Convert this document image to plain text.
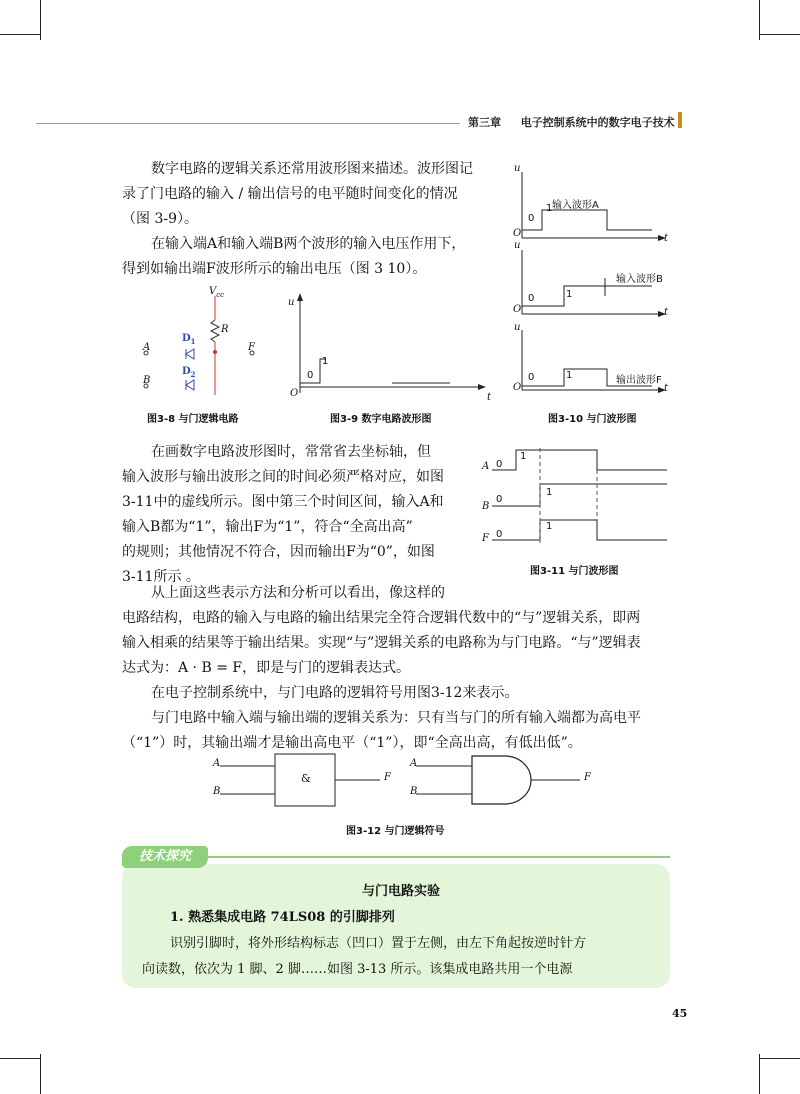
第三章 电子控制系统中的数字电子技术
数字电路的逻辑关系还常用波形图来描述。波形图记
录了门电路的输入 / 输出信号的电平随时间变化的情况
（图 3-9）。
在输入端A和输入端B两个波形的输入电压作用下，
得到如输出端F波形所示的输出电压（图 3 10）。
$V_{cc}$
R
$D_1$
$D_2$
A
B
F
图3-8 与门逻辑电路
u
O	t
0
1
图3-9 数字电路波形图
u
O	t
0
1 输入波形A
u
O	t
0	1
输入波形B
u
O	t
0	1	输出波形F
图3-10 与门波形图
在画数字电路波形图时，常常省去坐标轴，但
输入波形与输出波形之间的时间必须严格对应，如图
3-11中的虚线所示。图中第三个时间区间，输入A和
输入B都为“1”，输出F为“1”，符合“全高出高”
的规则；其他情况不符合，因而输出F为“0”，如图
3-11所示 。
A
B
F
0
1
0
1
0
1
图3-11 与门波形图
从上面这些表示方法和分析可以看出，像这样的
电路结构，电路的输入与电路的输出结果完全符合逻辑代数中的“与”逻辑关系，即两
输入相乘的结果等于输出结果。实现“与”逻辑关系的电路称为与门电路。“与”逻辑表
达式为：A · B = F，即是与门的逻辑表达式。
在电子控制系统中，与门电路的逻辑符号用图3-12来表示。
与门电路中输入端与输出端的逻辑关系为：只有当与门的所有输入端都为高电平
（“1”）时，其输出端才是输出高电平（“1”），即“全高出高，有低出低”。
A
B
&	F
A
B
F
图3-12 与门逻辑符号
技术探究
与门电路实验
1. 熟悉集成电路 74LS08 的引脚排列
识别引脚时，将外形结构标志（凹口）置于左侧，由左下角起按逆时针方
向读数，依次为 1 脚、2 脚……如图 3-13 所示。该集成电路共用一个电源
45
